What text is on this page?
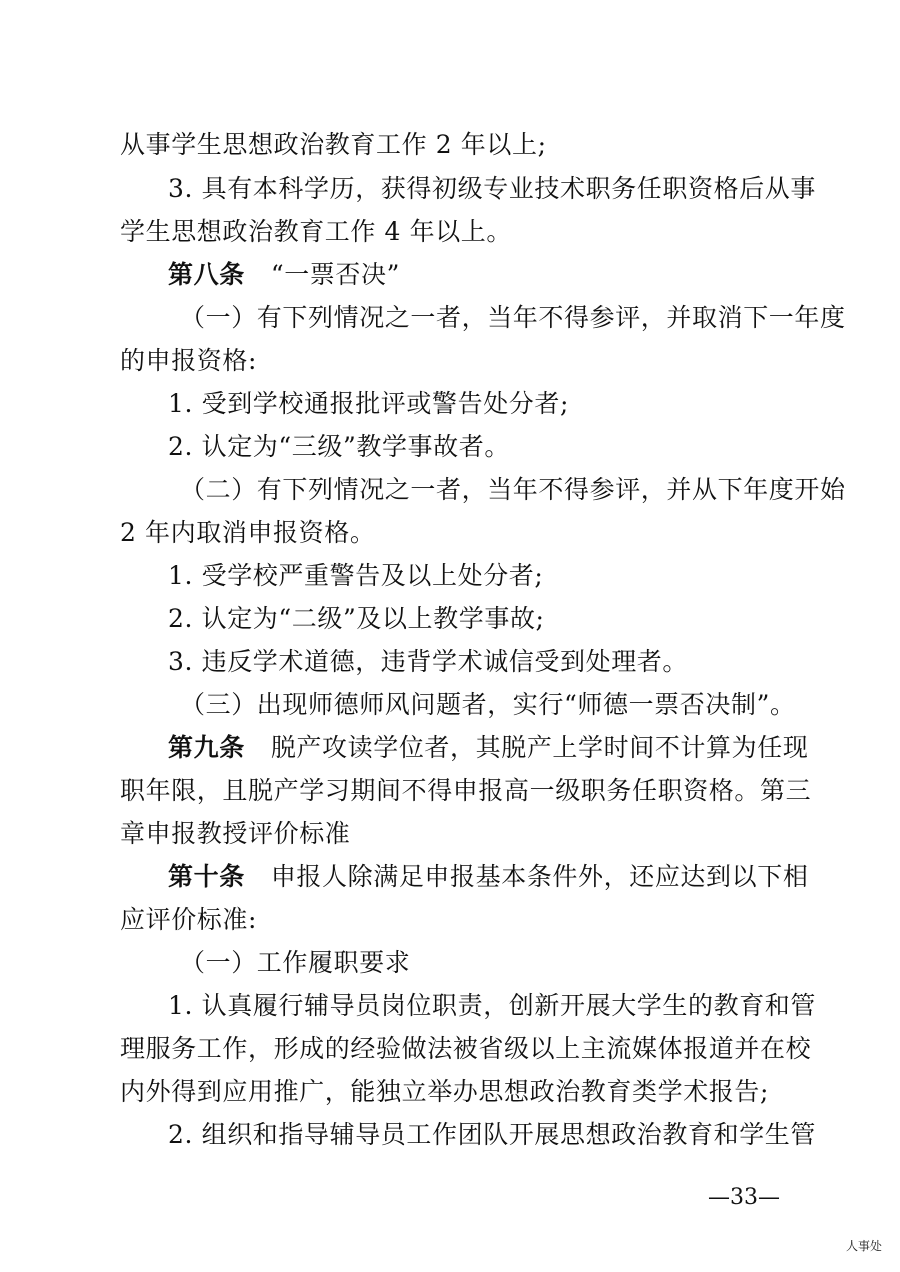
从事学生思想政治教育工作 2 年以上;
3. 具有本科学历，获得初级专业技术职务任职资格后从事
学生思想政治教育工作 4 年以上。
第八条 “一票否决”
（一）有下列情况之一者，当年不得参评，并取消下一年度
的申报资格:
1. 受到学校通报批评或警告处分者;
2. 认定为“三级”教学事故者。
（二）有下列情况之一者，当年不得参评，并从下年度开始
2 年内取消申报资格。
1. 受学校严重警告及以上处分者;
2. 认定为“二级”及以上教学事故;
3. 违反学术道德，违背学术诚信受到处理者。
（三）出现师德师风问题者，实行“师德一票否决制”。
第九条 脱产攻读学位者，其脱产上学时间不计算为任现
职年限，且脱产学习期间不得申报高一级职务任职资格。第三
章申报教授评价标准
第十条 申报人除满足申报基本条件外，还应达到以下相
应评价标准:
（一）工作履职要求
1. 认真履行辅导员岗位职责，创新开展大学生的教育和管
理服务工作，形成的经验做法被省级以上主流媒体报道并在校
内外得到应用推广，能独立举办思想政治教育类学术报告;
2. 组织和指导辅导员工作团队开展思想政治教育和学生管
—33—
人事处
